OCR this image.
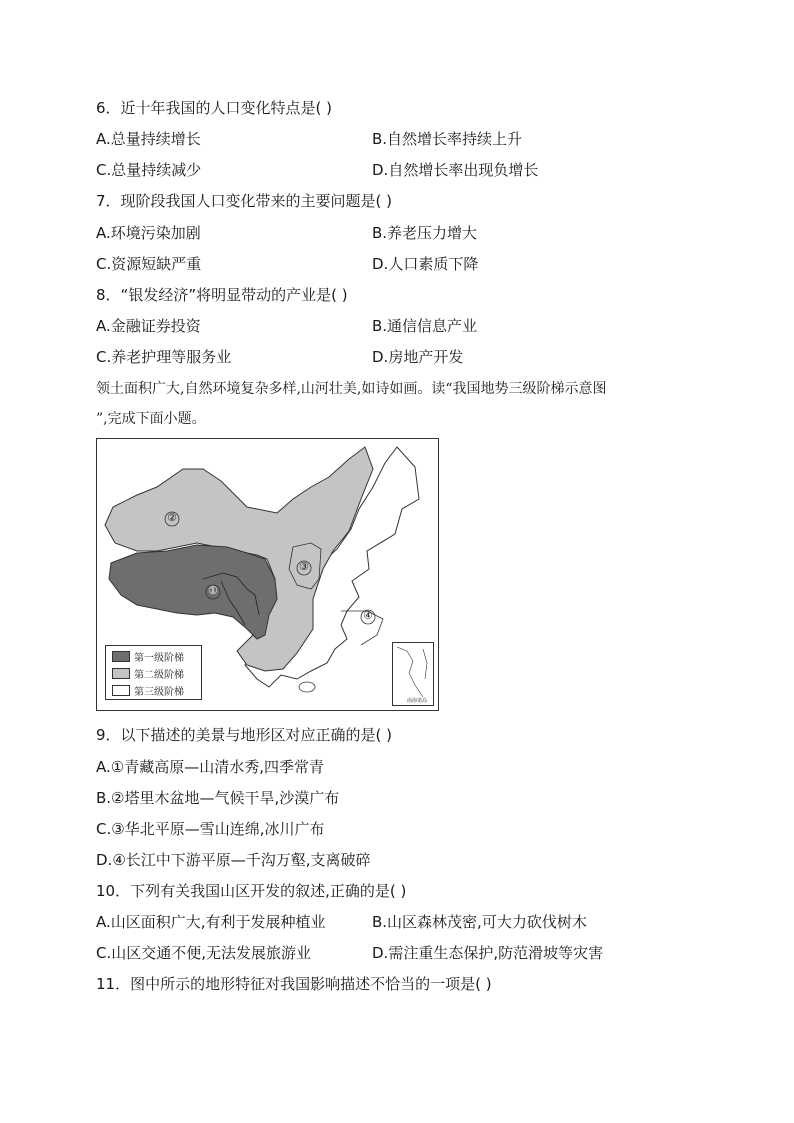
6．近十年我国的人口变化特点是( )
A.总量持续增长	B.自然增长率持续上升
C.总量持续减少	D.自然增长率出现负增长
7．现阶段我国人口变化带来的主要问题是( )
A.环境污染加剧	B.养老压力增大
C.资源短缺严重	D.人口素质下降
8．“银发经济”将明显带动的产业是( )
A.金融证券投资	B.通信信息产业
C.养老护理等服务业	D.房地产开发
领土面积广大,自然环境复杂多样,山河壮美,如诗如画。读“我国地势三级阶梯示意图
”,完成下面小题。
②
①
③
④
第一级阶梯
第二级阶梯
第三级阶梯
南海诸岛
9．以下描述的美景与地形区对应正确的是( )
A.①青藏高原—山清水秀,四季常青
B.②塔里木盆地—气候干旱,沙漠广布
C.③华北平原—雪山连绵,冰川广布
D.④长江中下游平原—千沟万壑,支离破碎
10．下列有关我国山区开发的叙述,正确的是( )
A.山区面积广大,有利于发展种植业	B.山区森林茂密,可大力砍伐树木
C.山区交通不便,无法发展旅游业	D.需注重生态保护,防范滑坡等灾害
11．图中所示的地形特征对我国影响描述不恰当的一项是( )
